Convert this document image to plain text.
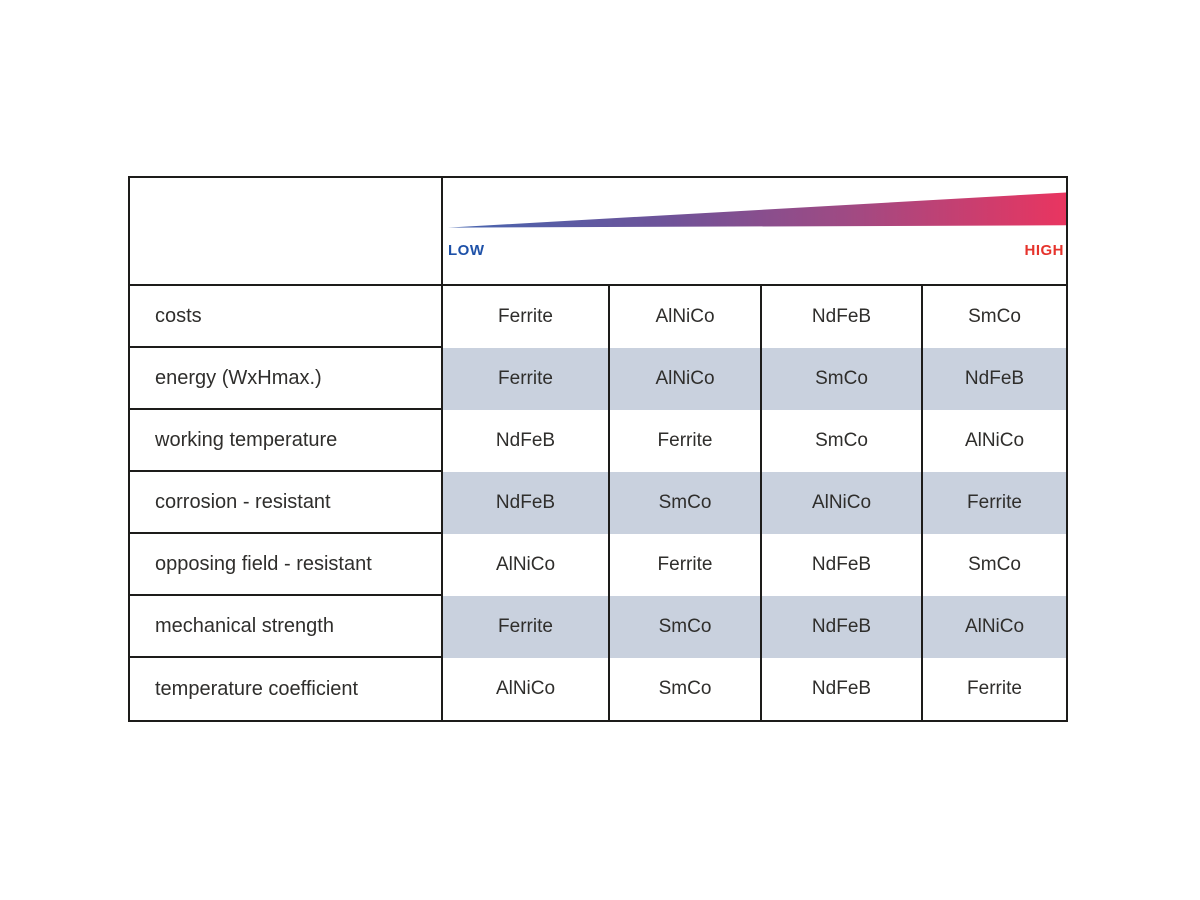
LOW	HIGH
costs	Ferrite	AlNiCo	NdFeB	SmCo
energy (WxHmax.)	Ferrite	AlNiCo	SmCo	NdFeB
working temperature	NdFeB	Ferrite	SmCo	AlNiCo
corrosion - resistant	NdFeB	SmCo	AlNiCo	Ferrite
opposing field - resistant	AlNiCo	Ferrite	NdFeB	SmCo
mechanical strength	Ferrite	SmCo	NdFeB	AlNiCo
temperature coefficient	AlNiCo	SmCo	NdFeB	Ferrite
